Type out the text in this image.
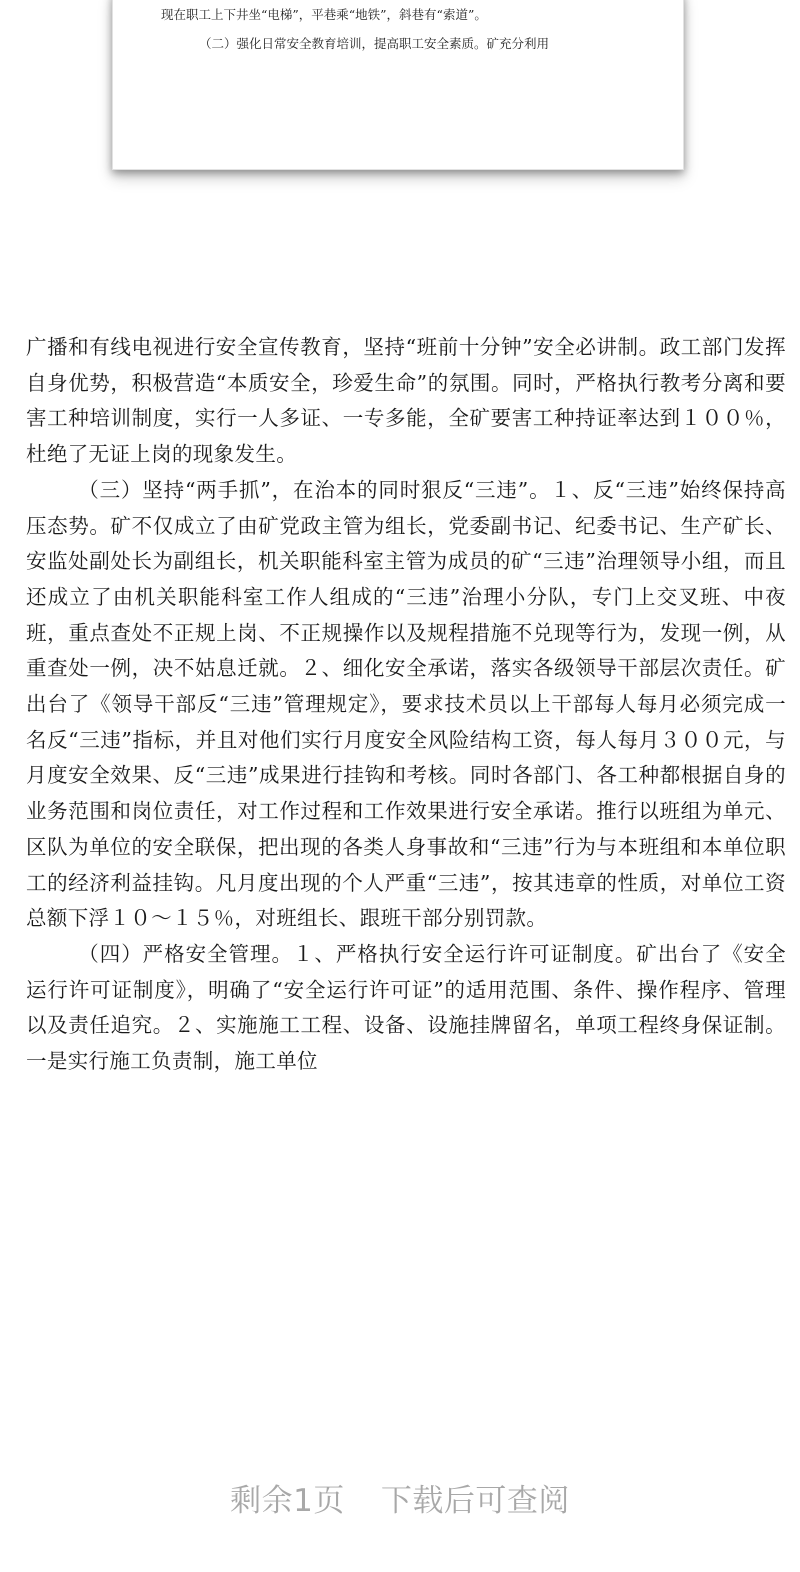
现在职工上下井坐“电梯”，平巷乘“地铁”，斜巷有“索道”。
（二）强化日常安全教育培训，提高职工安全素质。矿充分利用

广播和有线电视进行安全宣传教育，坚持“班前十分钟”安全必讲制。政工部门发挥自身优势，积极营造“本质安全，珍爱生命”的氛围。同时，严格执行教考分离和要害工种培训制度，实行一人多证、一专多能，全矿要害工种持证率达到１００％，杜绝了无证上岗的现象发生。

（三）坚持“两手抓”，在治本的同时狠反“三违”。１、反“三违”始终保持高压态势。矿不仅成立了由矿党政主管为组长，党委副书记、纪委书记、生产矿长、安监处副处长为副组长，机关职能科室主管为成员的矿“三违”治理领导小组，而且还成立了由机关职能科室工作人组成的“三违”治理小分队，专门上交叉班、中夜班，重点查处不正规上岗、不正规操作以及规程措施不兑现等行为，发现一例，从重查处一例，决不姑息迁就。２、细化安全承诺，落实各级领导干部层次责任。矿出台了《领导干部反“三违”管理规定》，要求技术员以上干部每人每月必须完成一名反“三违”指标，并且对他们实行月度安全风险结构工资，每人每月３００元，与月度安全效果、反“三违”成果进行挂钩和考核。同时各部门、各工种都根据自身的业务范围和岗位责任，对工作过程和工作效果进行安全承诺。推行以班组为单元、区队为单位的安全联保，把出现的各类人身事故和“三违”行为与本班组和本单位职工的经济利益挂钩。凡月度出现的个人严重“三违”，按其违章的性质，对单位工资总额下浮１０～１５％，对班组长、跟班干部分别罚款。

（四）严格安全管理。１、严格执行安全运行许可证制度。矿出台了《安全运行许可证制度》，明确了“安全运行许可证”的适用范围、条件、操作程序、管理以及责任追究。２、实施施工工程、设备、设施挂牌留名，单项工程终身保证制。一是实行施工负责制，施工单位

剩余1页 下载后可查阅
